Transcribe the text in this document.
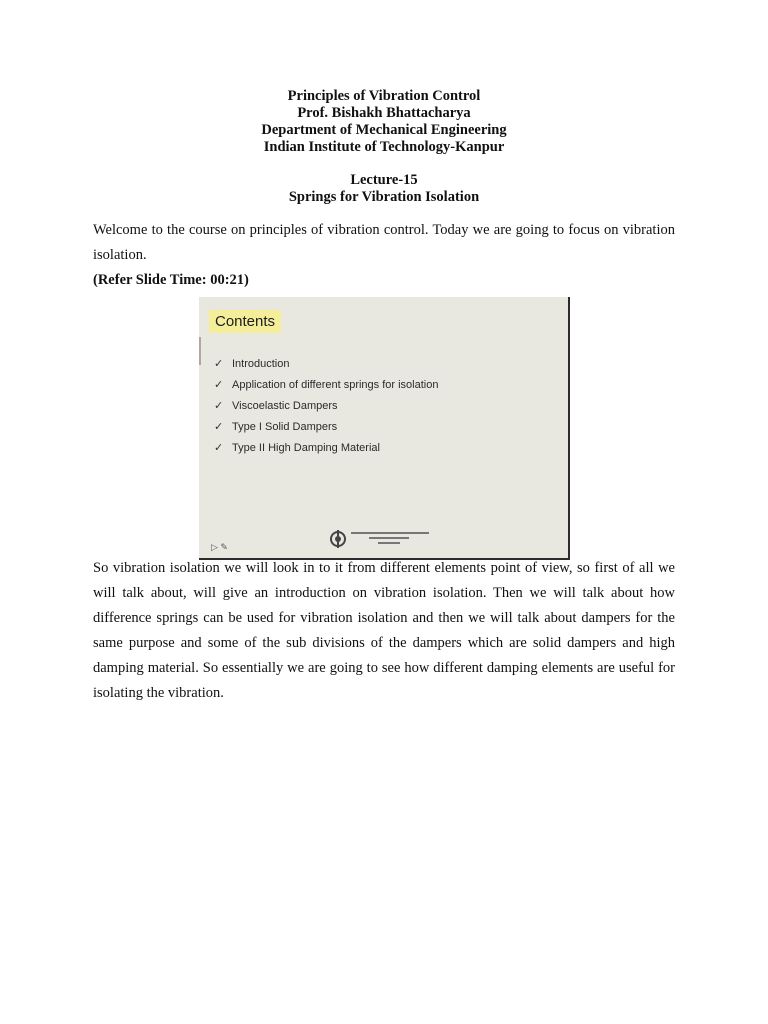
Principles of Vibration Control
Prof. Bishakh Bhattacharya
Department of Mechanical Engineering
Indian Institute of Technology-Kanpur
Lecture-15
Springs for Vibration Isolation
Welcome to the course on principles of vibration control. Today we are going to focus on vibration isolation.
(Refer Slide Time: 00:21)
Contents
✓ Introduction
✓ Application of different springs for isolation
✓ Viscoelastic Dampers
✓ Type I Solid Dampers
✓ Type II High Damping Material
▷ ✎
So vibration isolation we will look in to it from different elements point of view, so first of all we will talk about, will give an introduction on vibration isolation. Then we will talk about how difference springs can be used for vibration isolation and then we will talk about dampers for the same purpose and some of the sub divisions of the dampers which are solid dampers and high damping material. So essentially we are going to see how different damping elements are useful for isolating the vibration.
